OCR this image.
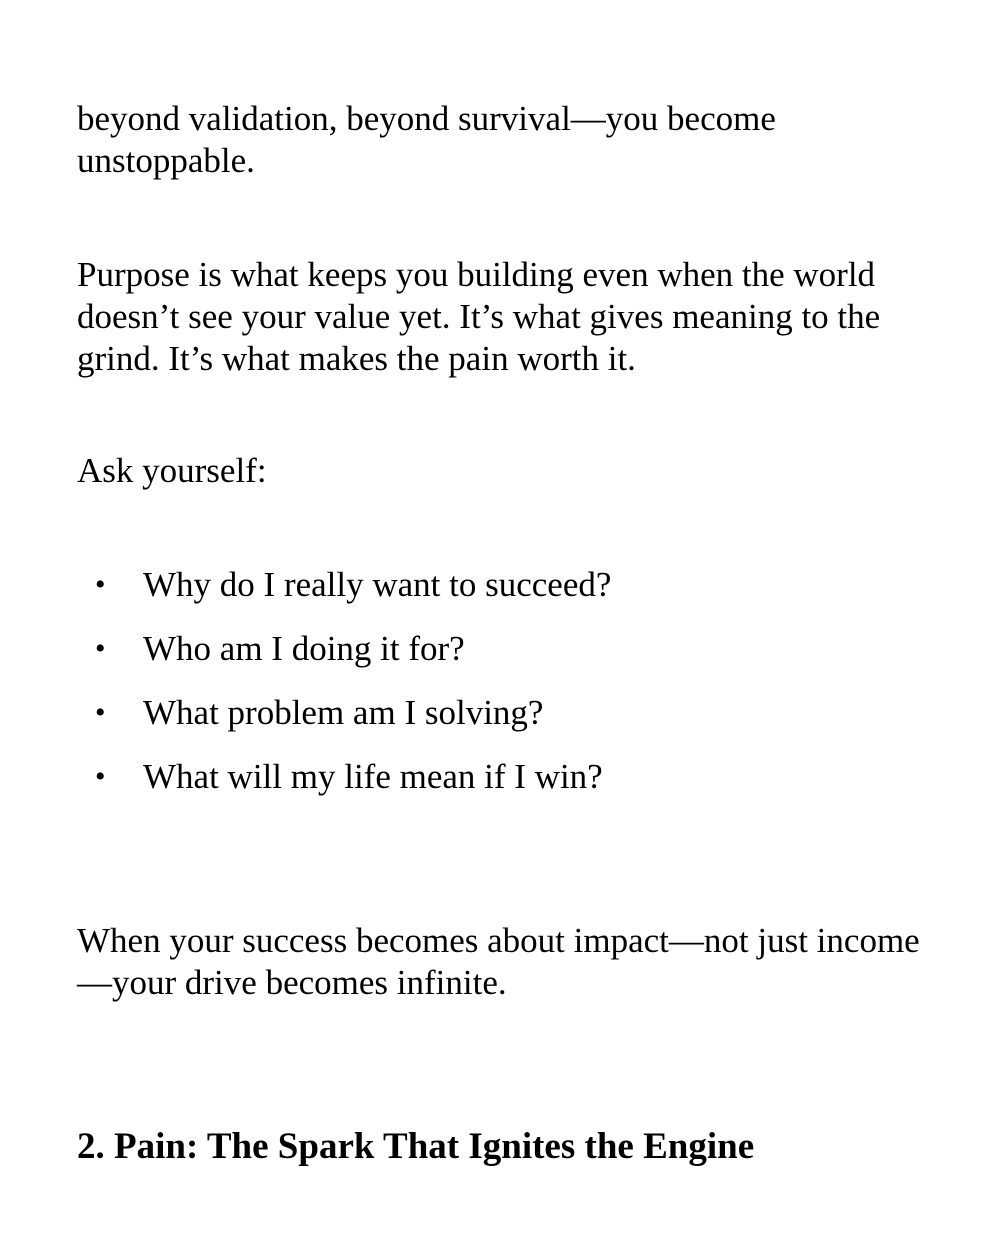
beyond validation, beyond survival—you become unstoppable.

Purpose is what keeps you building even when the world doesn’t see your value yet. It’s what gives meaning to the grind. It’s what makes the pain worth it.

Ask yourself:

• Why do I really want to succeed?
• Who am I doing it for?
• What problem am I solving?
• What will my life mean if I win?

When your success becomes about impact—not just income—your drive becomes infinite.

2. Pain: The Spark That Ignites the Engine
